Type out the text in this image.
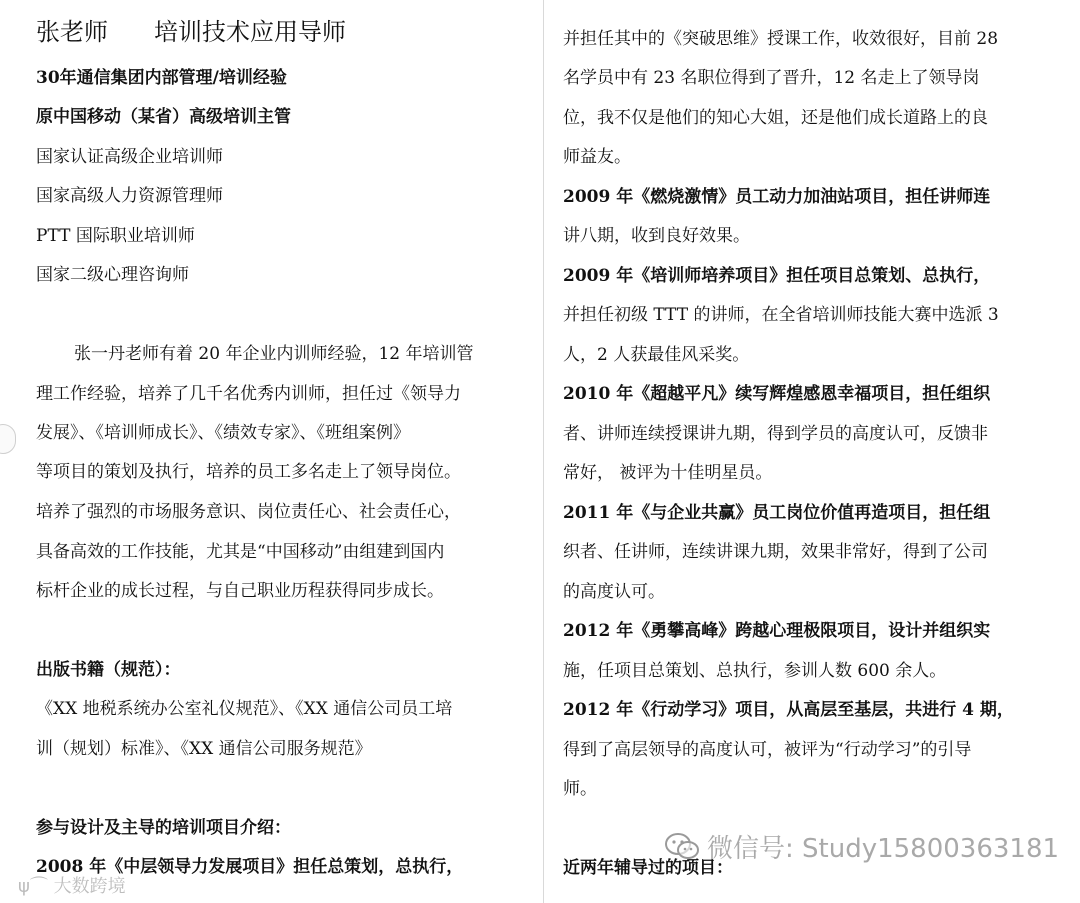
张老师 培训技术应用导师
30年通信集团内部管理/培训经验
原中国移动（某省）高级培训主管
国家认证高级企业培训师
国家高级人力资源管理师
PTT 国际职业培训师
国家二级心理咨询师
张一丹老师有着 20 年企业内训师经验，12 年培训管
理工作经验，培养了几千名优秀内训师，担任过《领导力
发展》、《培训师成长》、《绩效专家》、《班组案例》
等项目的策划及执行，培养的员工多名走上了领导岗位。
培养了强烈的市场服务意识、岗位责任心、社会责任心，
具备高效的工作技能，尤其是“中国移动”由组建到国内
标杆企业的成长过程，与自己职业历程获得同步成长。
出版书籍（规范）：
《XX 地税系统办公室礼仪规范》、《XX 通信公司员工培
训（规划）标准》、《XX 通信公司服务规范》
参与设计及主导的培训项目介绍：
2008 年《中层领导力发展项目》担任总策划，总执行，
并担任其中的《突破思维》授课工作，收效很好，目前 28
名学员中有 23 名职位得到了晋升，12 名走上了领导岗
位，我不仅是他们的知心大姐，还是他们成长道路上的良
师益友。
2009 年《燃烧激情》员工动力加油站项目，担任讲师连
讲八期，收到良好效果。
2009 年《培训师培养项目》担任项目总策划、总执行，
并担任初级 TTT 的讲师，在全省培训师技能大赛中选派 3
人，2 人获最佳风采奖。
2010 年《超越平凡》续写辉煌感恩幸福项目，担任组织
者、讲师连续授课讲九期，得到学员的高度认可，反馈非
常好， 被评为十佳明星员。
2011 年《与企业共赢》员工岗位价值再造项目，担任组
织者、任讲师，连续讲课九期，效果非常好，得到了公司
的高度认可。
2012 年《勇攀高峰》跨越心理极限项目，设计并组织实
施，任项目总策划、总执行，参训人数 600 余人。
2012 年《行动学习》项目，从高层至基层，共进行 4 期，
得到了高层领导的高度认可，被评为“行动学习”的引导
师。
近两年辅导过的项目：
微信号: Study15800363181
ψ⌒ 大数跨境
